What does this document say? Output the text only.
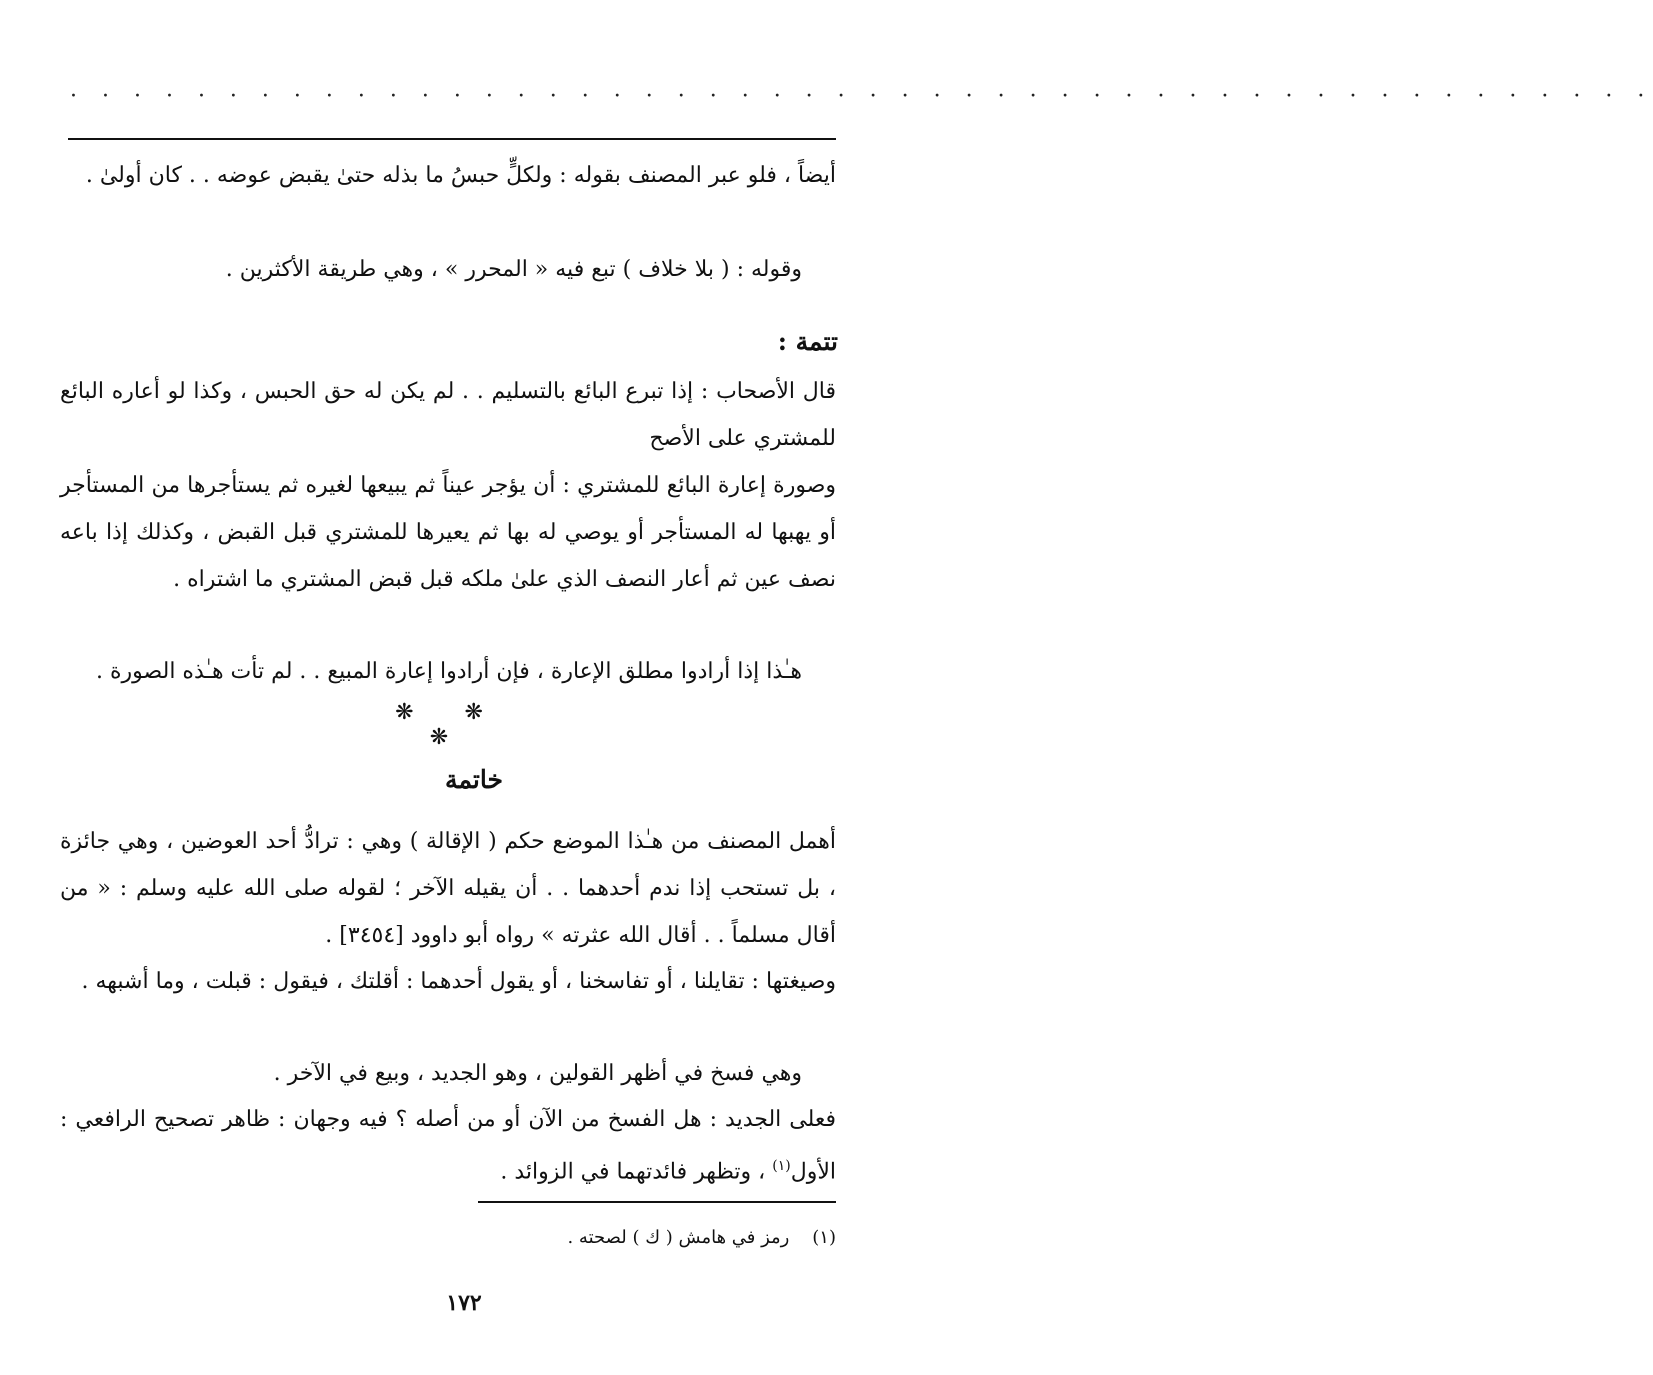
· · · · · · · · · · · · · · · · · · · · · · · · · · · · · · · · · · · · · · · · · · · · · · · · · ·

أيضاً ، فلو عبر المصنف بقوله : ولكلٍّ حبسُ ما بذله حتىٰ يقبض عوضه . . كان أولىٰ .

وقوله : ( بلا خلاف ) تبع فيه « المحرر » ، وهي طريقة الأكثرين .

تتمة :

قال الأصحاب : إذا تبرع البائع بالتسليم . . لم يكن له حق الحبس ، وكذا لو أعاره البائع للمشتري على الأصح

وصورة إعارة البائع للمشتري : أن يؤجر عيناً ثم يبيعها لغيره ثم يستأجرها من المستأجر أو يهبها له المستأجر أو يوصي له بها ثم يعيرها للمشتري قبل القبض ، وكذلك إذا باعه نصف عين ثم أعار النصف الذي علىٰ ملكه قبل قبض المشتري ما اشتراه .

هـٰذا إذا أرادوا مطلق الإعارة ، فإن أرادوا إعارة المبيع . . لم تأت هـٰذه الصورة .

❋ ❋ ❋
خاتمة

أهمل المصنف من هـٰذا الموضع حكم ( الإقالة ) وهي : ترادُّ أحد العوضين ، وهي جائزة ، بل تستحب إذا ندم أحدهما . . أن يقيله الآخر ؛ لقوله صلى الله عليه وسلم : « من أقال مسلماً . . أقال الله عثرته » رواه أبو داوود [٣٤٥٤] .

وصيغتها : تقايلنا ، أو تفاسخنا ، أو يقول أحدهما : أقلتك ، فيقول : قبلت ، وما أشبهه .

وهي فسخ في أظهر القولين ، وهو الجديد ، وبيع في الآخر .

فعلى الجديد : هل الفسخ من الآن أو من أصله ؟ فيه وجهان : ظاهر تصحيح الرافعي : الأول$^{(١)}$ ، وتظهر فائدتهما في الزوائد .

(١)    رمز في هامش ( ك ) لصحته .
١٧٢
